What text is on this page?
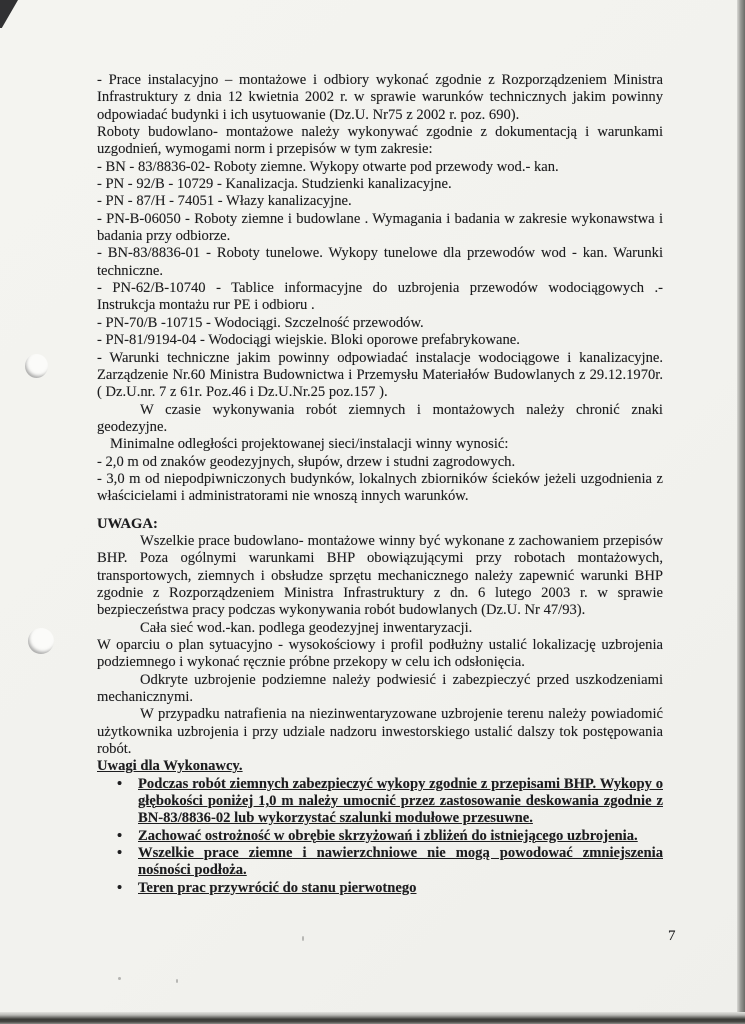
- Prace instalacyjno – montażowe i odbiory wykonać zgodnie z Rozporządzeniem Ministra Infrastruktury z dnia 12 kwietnia 2002 r. w sprawie warunków technicznych jakim powinny odpowiadać budynki i ich usytuowanie (Dz.U. Nr75 z 2002 r. poz. 690).

Roboty budowlano- montażowe należy wykonywać zgodnie z dokumentacją i warunkami uzgodnień, wymogami norm i przepisów w tym zakresie:

- BN - 83/8836-02- Roboty ziemne. Wykopy otwarte pod przewody wod.- kan.

- PN - 92/B - 10729 - Kanalizacja. Studzienki kanalizacyjne.

- PN - 87/H - 74051 - Włazy kanalizacyjne.

- PN-B-06050 - Roboty ziemne i budowlane . Wymagania i badania w zakresie wykonawstwa i badania przy odbiorze.

- BN-83/8836-01 - Roboty tunelowe. Wykopy tunelowe dla przewodów wod - kan. Warunki techniczne.

- PN-62/B-10740 - Tablice informacyjne do uzbrojenia przewodów wodociągowych .- Instrukcja montażu rur PE i odbioru .

- PN-70/B -10715 - Wodociągi. Szczelność przewodów.

- PN-81/9194-04 - Wodociągi wiejskie. Bloki oporowe prefabrykowane.

- Warunki techniczne jakim powinny odpowiadać instalacje wodociągowe i kanalizacyjne. Zarządzenie Nr.60 Ministra Budownictwa i Przemysłu Materiałów Budowlanych z 29.12.1970r. ( Dz.U.nr. 7 z 61r. Poz.46 i Dz.U.Nr.25 poz.157 ).

W czasie wykonywania robót ziemnych i montażowych należy chronić znaki geodezyjne.

Minimalne odległości projektowanej sieci/instalacji winny wynosić:

- 2,0 m od znaków geodezyjnych, słupów, drzew i studni zagrodowych.

- 3,0 m od niepodpiwniczonych budynków, lokalnych zbiorników ścieków jeżeli uzgodnienia z właścicielami i administratorami nie wnoszą innych warunków.

UWAGA:

Wszelkie prace budowlano- montażowe winny być wykonane z zachowaniem przepisów BHP. Poza ogólnymi warunkami BHP obowiązującymi przy robotach montażowych, transportowych, ziemnych i obsłudze sprzętu mechanicznego należy zapewnić warunki BHP zgodnie z Rozporządzeniem Ministra Infrastruktury z dn. 6 lutego 2003 r. w sprawie bezpieczeństwa pracy podczas wykonywania robót budowlanych (Dz.U. Nr 47/93).

Cała sieć wod.-kan. podlega geodezyjnej inwentaryzacji.

W oparciu o plan sytuacyjno - wysokościowy i profil podłużny ustalić lokalizację uzbrojenia podziemnego i wykonać ręcznie próbne przekopy w celu ich odsłonięcia.

Odkryte uzbrojenie podziemne należy podwiesić i zabezpieczyć przed uszkodzeniami mechanicznymi.

W przypadku natrafienia na niezinwentaryzowane uzbrojenie terenu należy powiadomić użytkownika uzbrojenia i przy udziale nadzoru inwestorskiego ustalić dalszy tok postępowania robót.

Uwagi dla Wykonawcy.

• Podczas robót ziemnych zabezpieczyć wykopy zgodnie z przepisami BHP. Wykopy o głębokości poniżej 1,0 m należy umocnić przez zastosowanie deskowania zgodnie z BN-83/8836-02 lub wykorzystać szalunki modułowe przesuwne.
• Zachować ostrożność w obrębie skrzyżowań i zbliżeń do istniejącego uzbrojenia.
• Wszelkie prace ziemne i nawierzchniowe nie mogą powodować zmniejszenia nośności podłoża.
• Teren prac przywrócić do stanu pierwotnego
7
